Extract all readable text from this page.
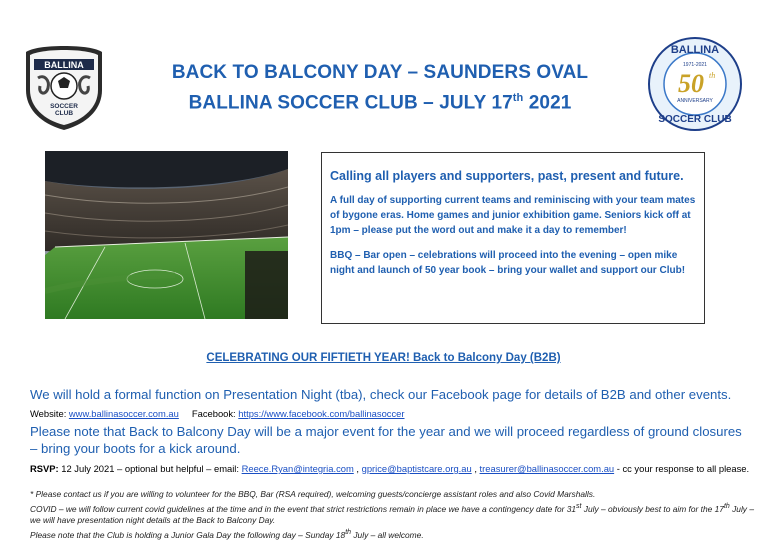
BALLINA
SOCCER
CLUB
BACK TO BALCONY DAY – SAUNDERS OVAL
BALLINA SOCCER CLUB – JULY 17th 2021
BALLINA
1971-2021
50 th
ANNIVERSARY
SOCCER CLUB
Calling all players and supporters, past, present and future.

A full day of supporting current teams and reminiscing with your team mates of bygone eras. Home games and junior exhibition game. Seniors kick off at 1pm – please put the word out and make it a day to remember!

BBQ – Bar open – celebrations will proceed into the evening – open mike night and launch of 50 year book – bring your wallet and support our Club!

CELEBRATING OUR FIFTIETH YEAR! Back to Balcony Day (B2B)
We will hold a formal function on Presentation Night (tba), check our Facebook page for details of B2B and other events.
Website: www.ballinasoccer.com.au Facebook: https://www.facebook.com/ballinasoccer
Please note that Back to Balcony Day will be a major event for the year and we will proceed regardless of ground closures – bring your boots for a kick around.
RSVP: 12 July 2021 – optional but helpful – email: Reece.Ryan@integria.com , gprice@baptistcare.org.au , treasurer@ballinasoccer.com.au - cc your response to all please.
* Please contact us if you are willing to volunteer for the BBQ, Bar (RSA required), welcoming guests/concierge assistant roles and also Covid Marshalls.
COVID – we will follow current covid guidelines at the time and in the event that strict restrictions remain in place we have a contingency date for 31st July – obviously best to aim for the 17th July – we will have presentation night details at the Back to Balcony Day.
Please note that the Club is holding a Junior Gala Day the following day – Sunday 18th July – all welcome.
